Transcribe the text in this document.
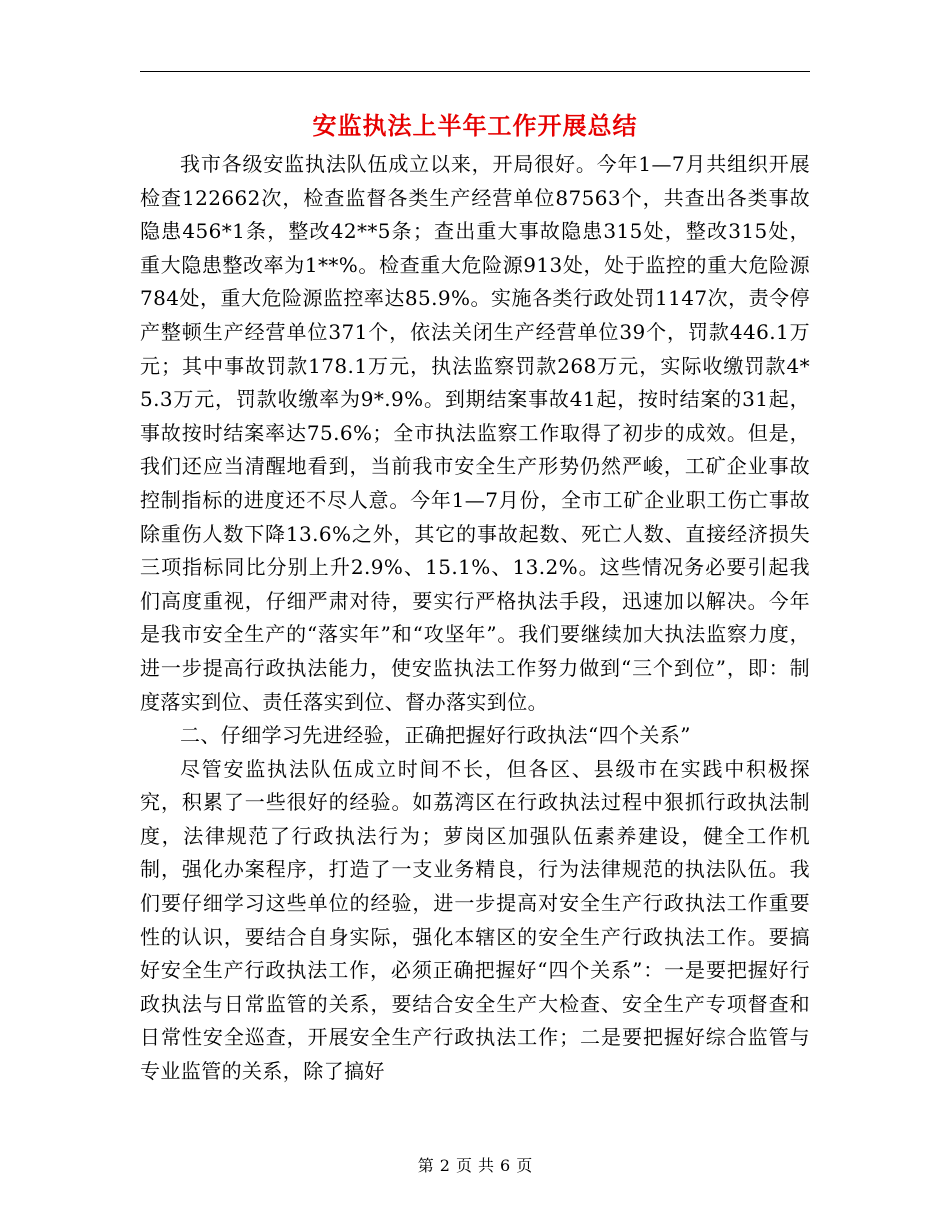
安监执法上半年工作开展总结

我市各级安监执法队伍成立以来，开局很好。今年1—7月共组织开展检查122662次，检查监督各类生产经营单位87563个，共查出各类事故隐患456*1条，整改42**5条；查出重大事故隐患315处，整改315处，重大隐患整改率为1**%。检查重大危险源913处，处于监控的重大危险源784处，重大危险源监控率达85.9%。实施各类行政处罚1147次，责令停产整顿生产经营单位371个，依法关闭生产经营单位39个，罚款446.1万元；其中事故罚款178.1万元，执法监察罚款268万元，实际收缴罚款4*5.3万元，罚款收缴率为9*.9%。到期结案事故41起，按时结案的31起，事故按时结案率达75.6%；全市执法监察工作取得了初步的成效。但是，我们还应当清醒地看到，当前我市安全生产形势仍然严峻，工矿企业事故控制指标的进度还不尽人意。今年1—7月份，全市工矿企业职工伤亡事故除重伤人数下降13.6%之外，其它的事故起数、死亡人数、直接经济损失三项指标同比分别上升2.9%、15.1%、13.2%。这些情况务必要引起我们高度重视，仔细严肃对待，要实行严格执法手段，迅速加以解决。今年是我市安全生产的“落实年”和“攻坚年”。我们要继续加大执法监察力度，进一步提高行政执法能力，使安监执法工作努力做到“三个到位”，即：制度落实到位、责任落实到位、督办落实到位。

二、仔细学习先进经验，正确把握好行政执法“四个关系”

尽管安监执法队伍成立时间不长，但各区、县级市在实践中积极探究，积累了一些很好的经验。如荔湾区在行政执法过程中狠抓行政执法制度，法律规范了行政执法行为；萝岗区加强队伍素养建设，健全工作机制，强化办案程序，打造了一支业务精良，行为法律规范的执法队伍。我们要仔细学习这些单位的经验，进一步提高对安全生产行政执法工作重要性的认识，要结合自身实际，强化本辖区的安全生产行政执法工作。要搞好安全生产行政执法工作，必须正确把握好“四个关系”：一是要把握好行政执法与日常监管的关系，要结合安全生产大检查、安全生产专项督查和日常性安全巡查，开展安全生产行政执法工作；二是要把握好综合监管与专业监管的关系，除了搞好

第 2 页 共 6 页
